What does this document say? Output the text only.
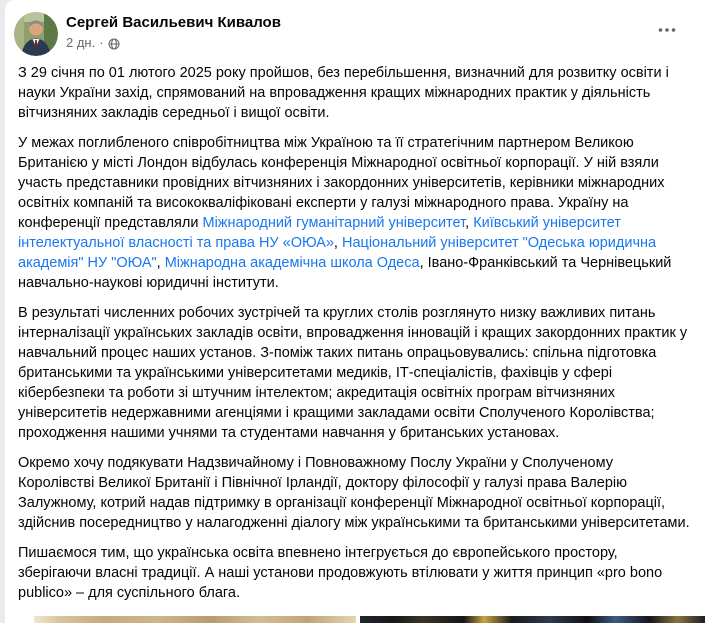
Сергей Васильевич Кивалов
2 дн. ·

З 29 січня по 01 лютого 2025 року пройшов, без перебільшення, визначний для розвитку освіти і науки України захід, спрямований на впровадження кращих міжнародних практик у діяльність вітчизняних закладів середньої і вищої освіти.

У межах поглибленого співробітництва між Україною та її стратегічним партнером Великою Британією у місті Лондон відбулась конференція Міжнародної освітньої корпорації. У ній взяли участь представники провідних вітчизняних і закордонних університетів, керівники міжнародних освітніх компаній та висококваліфіковані експерти у галузі міжнародного права. Україну на конференції представляли Міжнародний гуманітарний університет, Київський університет інтелектуальної власності та права НУ «ОЮА», Національний університет "Одеська юридична академія" НУ "ОЮА", Міжнародна академічна школа Одеса, Івано-Франківський та Чернівецький навчально-наукові юридичні інститути.

В результаті численних робочих зустрічей та круглих столів розглянуто низку важливих питань інтерналізації українських закладів освіти, впровадження інновацій і кращих закордонних практик у навчальний процес наших установ. З-поміж таких питань опрацьовувались: спільна підготовка британськими та українськими університетами медиків, ІТ-спеціалістів, фахівців у сфері кібербезпеки та роботи зі штучним інтелектом; акредитація освітніх програм вітчизняних університетів недержавними агенціями і кращими закладами освіти Сполученого Королівства; проходження нашими учнями та студентами навчання у британських установах.

Окремо хочу подякувати Надзвичайному і Повноважному Послу України у Сполученому Королівстві Великої Британії і Північної Ірландії, доктору філософії у галузі права Валерію Залужному, котрий надав підтримку в організації конференції Міжнародної освітньої корпорації, здійснив посередництво у налагодженні діалогу між українськими та британськими університетами.

Пишаємося тим, що українська освіта впевнено інтегрується до європейського простору, зберігаючи власні традиції. А наші установи продовжують втілювати у життя принцип «pro bono publico» – для суспільного блага.
